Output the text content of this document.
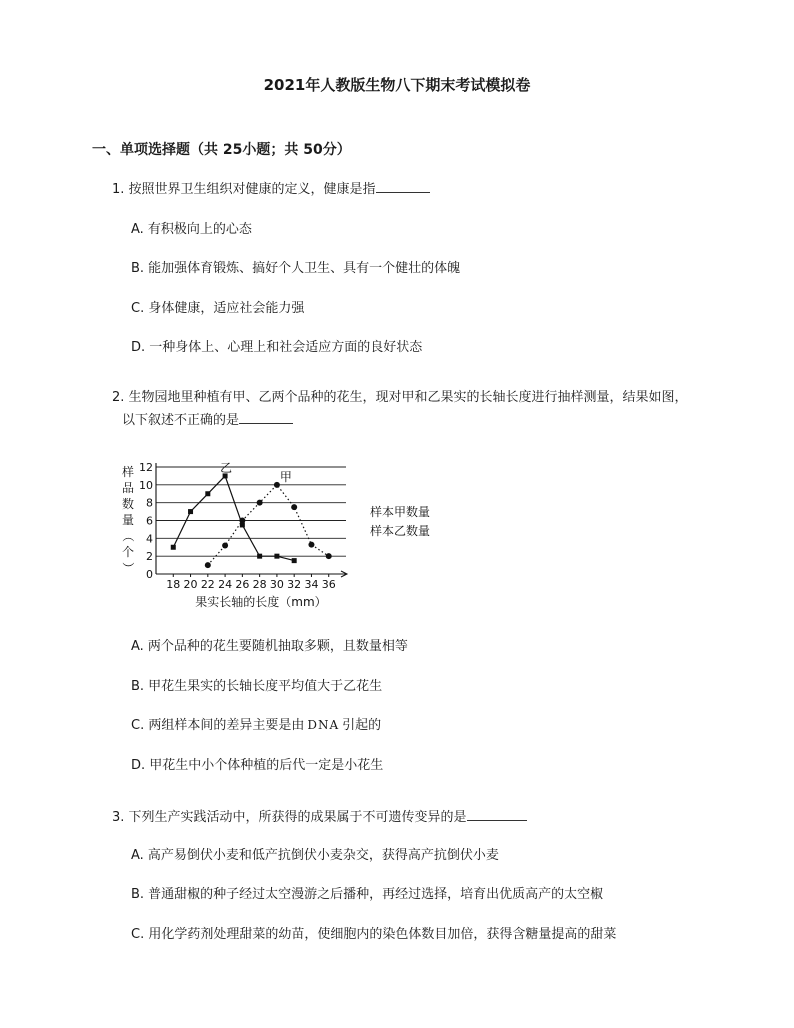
2021年人教版生物八下期末考试模拟卷
一、单项选择题（共 25小题；共 50分）
1. 按照世界卫生组织对健康的定义，健康是指
A. 有积极向上的心态
B. 能加强体育锻炼、搞好个人卫生、具有一个健壮的体魄
C. 身体健康，适应社会能力强
D. 一种身体上、心理上和社会适应方面的良好状态
2. 生物园地里种植有甲、乙两个品种的花生，现对甲和乙果实的长轴长度进行抽样测量，结果如图，
以下叙述不正确的是
0
2
4
6
8
10
12
18 20 22 24 26 28 30 32 34 36
乙
甲
样本甲数量
样本乙数量
样
品
数
量
（
个
）
果实长轴的长度（mm）
A. 两个品种的花生要随机抽取多颗，且数量相等
B. 甲花生果实的长轴长度平均值大于乙花生
C. 两组样本间的差异主要是由 DNA 引起的
D. 甲花生中小个体种植的后代一定是小花生
3. 下列生产实践活动中，所获得的成果属于不可遗传变异的是
A. 高产易倒伏小麦和低产抗倒伏小麦杂交，获得高产抗倒伏小麦
B. 普通甜椒的种子经过太空漫游之后播种，再经过选择，培育出优质高产的太空椒
C. 用化学药剂处理甜菜的幼苗，使细胞内的染色体数目加倍，获得含糖量提高的甜菜
